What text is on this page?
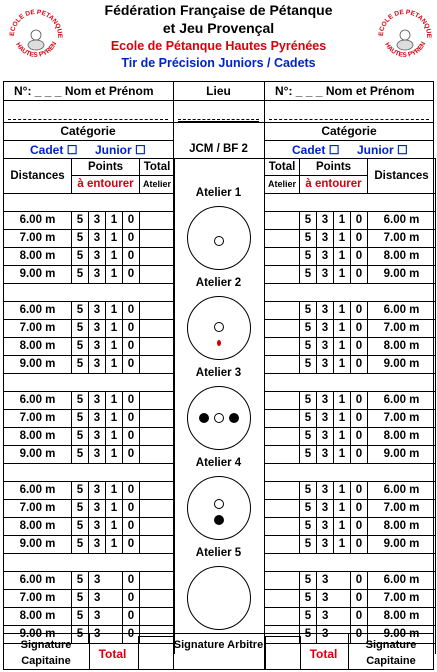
Fédération Française de Pétanque
et Jeu Provençal
Ecole de Pétanque Hautes Pyrénées
Tir de Précision Juniors / Cadets
ECOLE DE PETANQUE
HAUTES PYREN
ECOLE DE PETANQUE
HAUTES PYREN
N°: _ _ _ Nom et Prénom	N°: _ _ _ Nom et Prénom
Lieu
Catégorie	Catégorie
Cadet ☐ Junior ☐	Cadet ☐ Junior ☐
JCM / BF 2
Distances	Points				Total
	à entourer				Atelier

6.00 m	5	3	1	0	
7.00 m	5	3	1	0	
8.00 m	5	3	1	0	
9.00 m	5	3	1	0	

6.00 m	5	3	1	0	
7.00 m	5	3	1	0	
8.00 m	5	3	1	0	
9.00 m	5	3	1	0	

6.00 m	5	3	1	0	
7.00 m	5	3	1	0	
8.00 m	5	3	1	0	
9.00 m	5	3	1	0	

6.00 m	5	3	1	0	
7.00 m	5	3	1	0	
8.00 m	5	3	1	0	
9.00 m	5	3	1	0	

6.00 m	5	3		0	
7.00 m	5	3		0	
8.00 m	5	3		0	
9.00 m	5	3		0	

Total	Points				Distances
Atelier	à entourer				

	5	3	1	0	6.00 m
	5	3	1	0	7.00 m
	5	3	1	0	8.00 m
	5	3	1	0	9.00 m

	5	3	1	0	6.00 m
	5	3	1	0	7.00 m
	5	3	1	0	8.00 m
	5	3	1	0	9.00 m

	5	3	1	0	6.00 m
	5	3	1	0	7.00 m
	5	3	1	0	8.00 m
	5	3	1	0	9.00 m

	5	3	1	0	6.00 m
	5	3	1	0	7.00 m
	5	3	1	0	8.00 m
	5	3	1	0	9.00 m

	5	3		0	6.00 m
	5	3		0	7.00 m
	5	3		0	8.00 m
	5	3		0	9.00 m

Atelier 1
Atelier 2
Atelier 3
Atelier 4
Atelier 5
Signature
Capitaine	Total
Signature Arbitre
Total
Signature
Capitaine
